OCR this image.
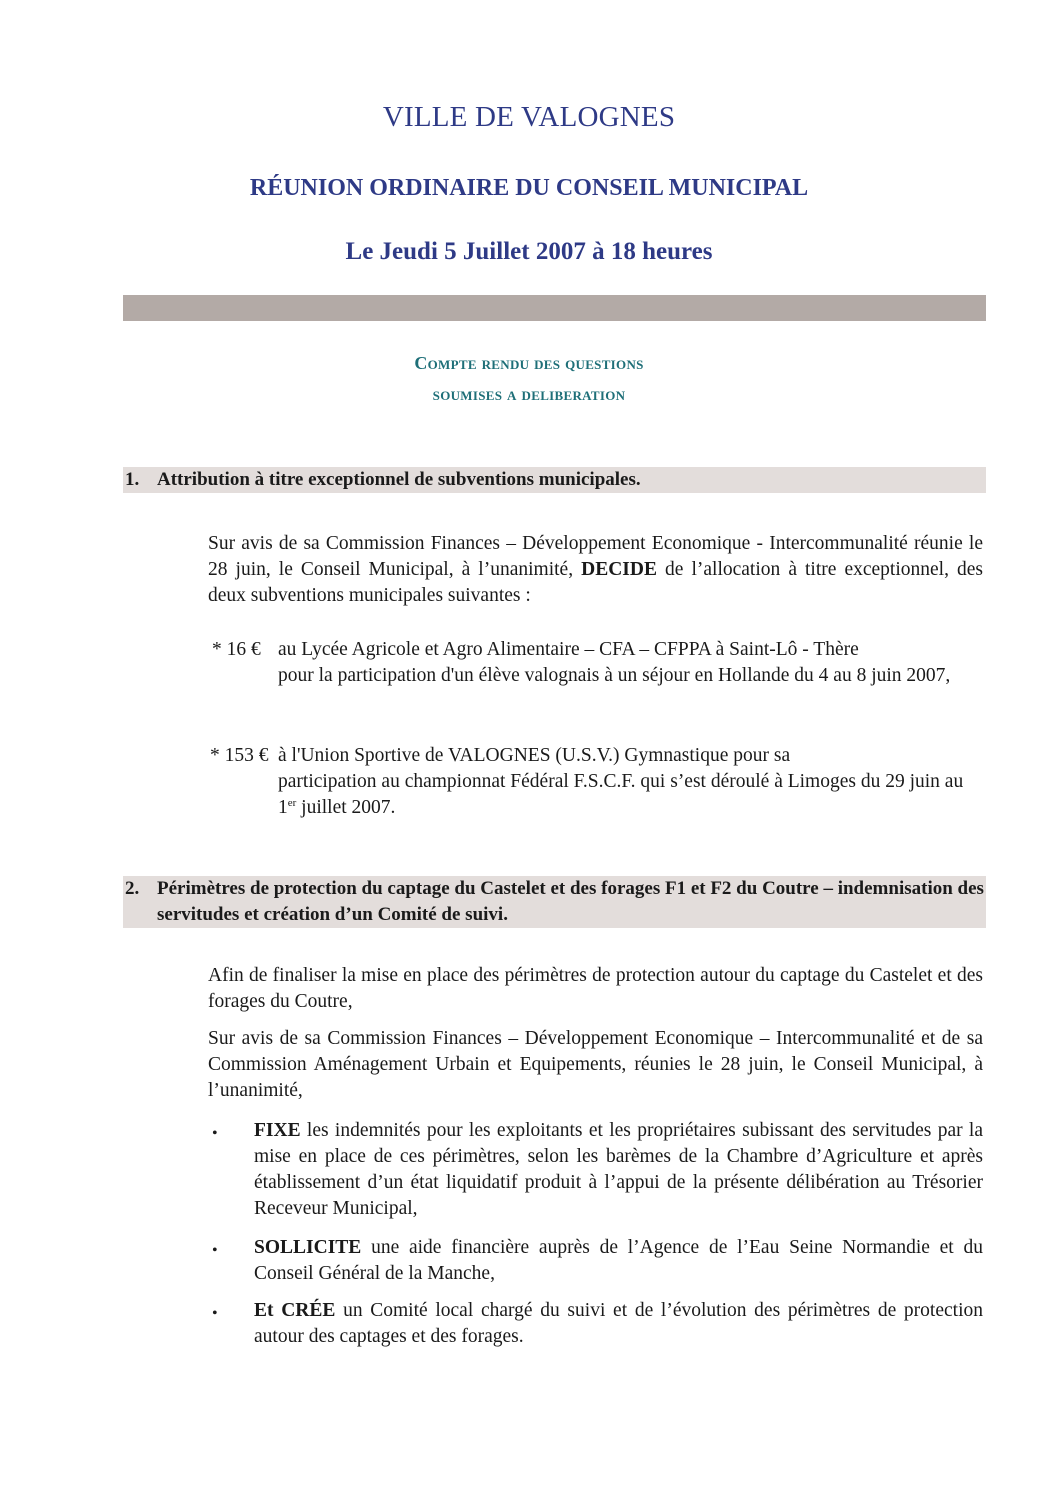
VILLE DE VALOGNES
RÉUNION ORDINAIRE DU CONSEIL MUNICIPAL
Le Jeudi 5 Juillet 2007 à 18 heures
Compte rendu des questions
soumises a deliberation
1. Attribution à titre exceptionnel de subventions municipales.
Sur avis de sa Commission Finances – Développement Economique - Intercommunalité réunie le 28 juin, le Conseil Municipal, à l’unanimité, DECIDE de l’allocation à titre exceptionnel, des deux subventions municipales suivantes :
* 16 € au Lycée Agricole et Agro Alimentaire – CFA – CFPPA à Saint-Lô - Thère
pour la participation d'un élève valognais à un séjour en Hollande du 4 au 8 juin 2007,
* 153 € à l'Union Sportive de VALOGNES (U.S.V.) Gymnastique pour sa
participation au championnat Fédéral F.S.C.F. qui s’est déroulé à Limoges du 29 juin au 1er juillet 2007.
2. Périmètres de protection du captage du Castelet et des forages F1 et F2 du Coutre – indemnisation des servitudes et création d’un Comité de suivi.
Afin de finaliser la mise en place des périmètres de protection autour du captage du Castelet et des forages du Coutre,
Sur avis de sa Commission Finances – Développement Economique – Intercommunalité et de sa Commission Aménagement Urbain et Equipements, réunies le 28 juin, le Conseil Municipal, à l’unanimité,
• FIXE les indemnités pour les exploitants et les propriétaires subissant des servitudes par la mise en place de ces périmètres, selon les barèmes de la Chambre d’Agriculture et après établissement d’un état liquidatif produit à l’appui de la présente délibération au Trésorier Receveur Municipal,
• SOLLICITE une aide financière auprès de l’Agence de l’Eau Seine Normandie et du Conseil Général de la Manche,
• Et CRÉE un Comité local chargé du suivi et de l’évolution des périmètres de protection autour des captages et des forages.
